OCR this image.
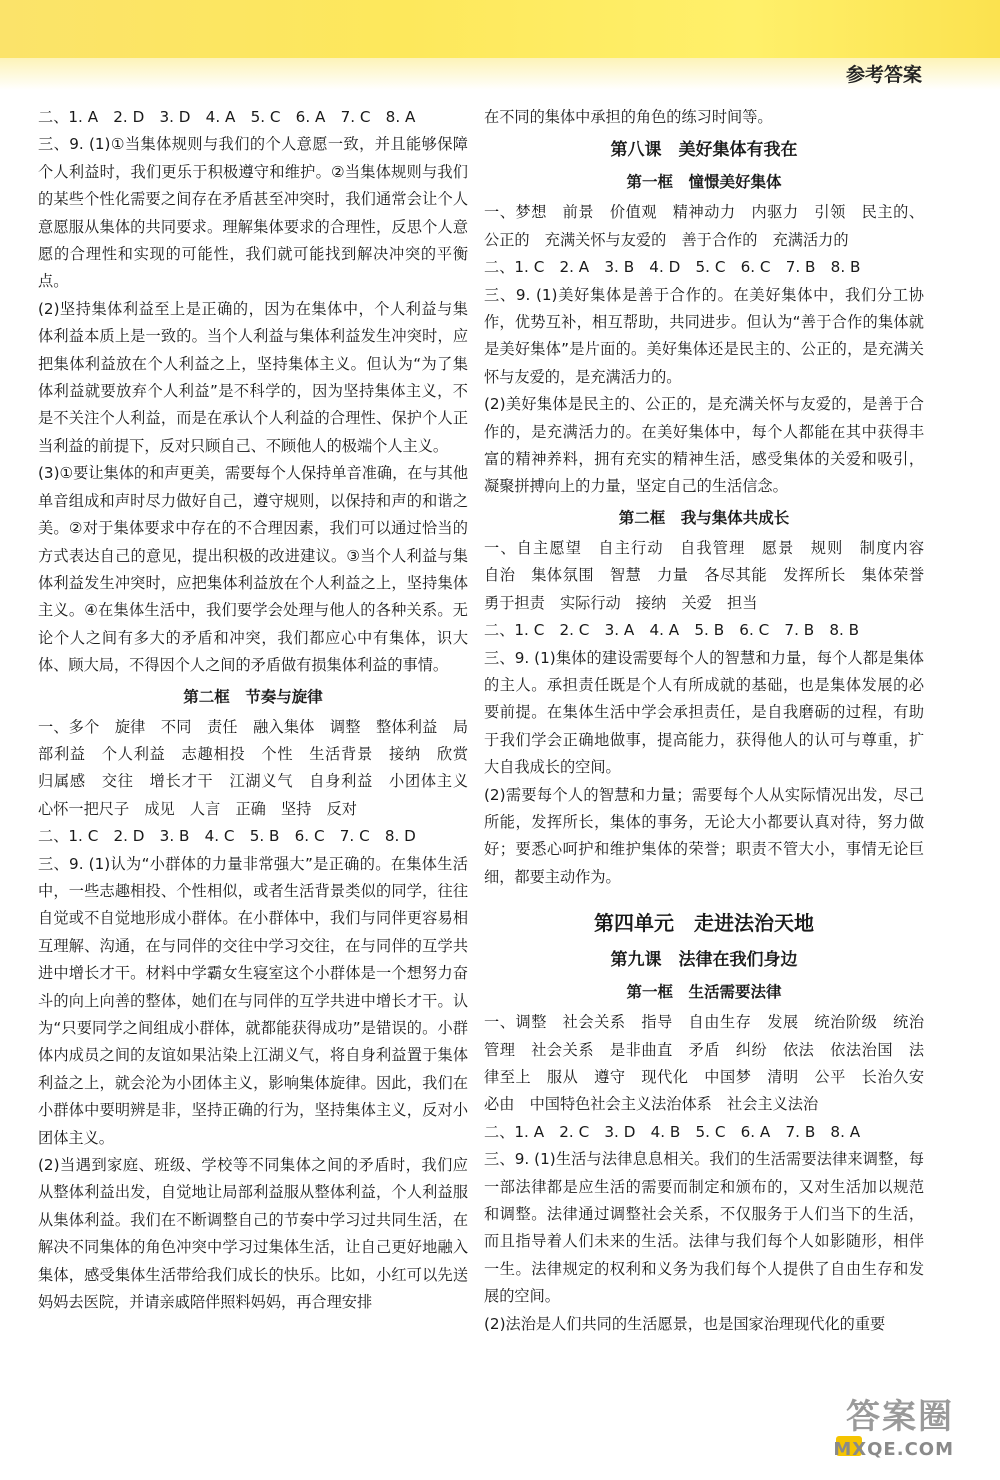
参考答案

二、1. A　2. D　3. D　4. A　5. C　6. A　7. C　8. A

三、9. (1)①当集体规则与我们的个人意愿一致，并且能够保障个人利益时，我们更乐于积极遵守和维护。②当集体规则与我们的某些个性化需要之间存在矛盾甚至冲突时，我们通常会让个人意愿服从集体的共同要求。理解集体要求的合理性，反思个人意愿的合理性和实现的可能性，我们就可能找到解决冲突的平衡点。

(2)坚持集体利益至上是正确的，因为在集体中，个人利益与集体利益本质上是一致的。当个人利益与集体利益发生冲突时，应把集体利益放在个人利益之上，坚持集体主义。但认为“为了集体利益就要放弃个人利益”是不科学的，因为坚持集体主义，不是不关注个人利益，而是在承认个人利益的合理性、保护个人正当利益的前提下，反对只顾自己、不顾他人的极端个人主义。

(3)①要让集体的和声更美，需要每个人保持单音准确，在与其他单音组成和声时尽力做好自己，遵守规则，以保持和声的和谐之美。②对于集体要求中存在的不合理因素，我们可以通过恰当的方式表达自己的意见，提出积极的改进建议。③当个人利益与集体利益发生冲突时，应把集体利益放在个人利益之上，坚持集体主义。④在集体生活中，我们要学会处理与他人的各种关系。无论个人之间有多大的矛盾和冲突，我们都应心中有集体，识大体、顾大局，不得因个人之间的矛盾做有损集体利益的事情。

第二框　节奏与旋律

一、多个　旋律　不同　责任　融入集体　调整　整体利益　局部利益　个人利益　志趣相投　个性　生活背景　接纳　欣赏　归属感　交往　增长才干　江湖义气　自身利益　小团体主义　心怀一把尺子　成见　人言　正确　坚持　反对

二、1. C　2. D　3. B　4. C　5. B　6. C　7. C　8. D

三、9. (1)认为“小群体的力量非常强大”是正确的。在集体生活中，一些志趣相投、个性相似，或者生活背景类似的同学，往往自觉或不自觉地形成小群体。在小群体中，我们与同伴更容易相互理解、沟通，在与同伴的交往中学习交往，在与同伴的互学共进中增长才干。材料中学霸女生寝室这个小群体是一个想努力奋斗的向上向善的整体，她们在与同伴的互学共进中增长才干。认为“只要同学之间组成小群体，就都能获得成功”是错误的。小群体内成员之间的友谊如果沾染上江湖义气，将自身利益置于集体利益之上，就会沦为小团体主义，影响集体旋律。因此，我们在小群体中要明辨是非，坚持正确的行为，坚持集体主义，反对小团体主义。

(2)当遇到家庭、班级、学校等不同集体之间的矛盾时，我们应从整体利益出发，自觉地让局部利益服从整体利益，个人利益服从集体利益。我们在不断调整自己的节奏中学习过共同生活，在解决不同集体的角色冲突中学习过集体生活，让自己更好地融入集体，感受集体生活带给我们成长的快乐。比如，小红可以先送妈妈去医院，并请亲戚陪伴照料妈妈，再合理安排

在不同的集体中承担的角色的练习时间等。

第八课　美好集体有我在
第一框　憧憬美好集体

一、梦想　前景　价值观　精神动力　内驱力　引领　民主的、公正的　充满关怀与友爱的　善于合作的　充满活力的

二、1. C　2. A　3. B　4. D　5. C　6. C　7. B　8. B

三、9. (1)美好集体是善于合作的。在美好集体中，我们分工协作，优势互补，相互帮助，共同进步。但认为“善于合作的集体就是美好集体”是片面的。美好集体还是民主的、公正的，是充满关怀与友爱的，是充满活力的。

(2)美好集体是民主的、公正的，是充满关怀与友爱的，是善于合作的，是充满活力的。在美好集体中，每个人都能在其中获得丰富的精神养料，拥有充实的精神生活，感受集体的关爱和吸引，凝聚拼搏向上的力量，坚定自己的生活信念。

第二框　我与集体共成长

一、自主愿望　自主行动　自我管理　愿景　规则　制度内容　自治　集体氛围　智慧　力量　各尽其能　发挥所长　集体荣誉　勇于担责　实际行动　接纳　关爱　担当

二、1. C　2. C　3. A　4. A　5. B　6. C　7. B　8. B

三、9. (1)集体的建设需要每个人的智慧和力量，每个人都是集体的主人。承担责任既是个人有所成就的基础，也是集体发展的必要前提。在集体生活中学会承担责任，是自我磨砺的过程，有助于我们学会正确地做事，提高能力，获得他人的认可与尊重，扩大自我成长的空间。

(2)需要每个人的智慧和力量；需要每个人从实际情况出发，尽己所能，发挥所长，集体的事务，无论大小都要认真对待，努力做好；要悉心呵护和维护集体的荣誉；职责不管大小，事情无论巨细，都要主动作为。

第四单元　走进法治天地
第九课　法律在我们身边
第一框　生活需要法律

一、调整　社会关系　指导　自由生存　发展　统治阶级　统治　管理　社会关系　是非曲直　矛盾　纠纷　依法　依法治国　法律至上　服从　遵守　现代化　中国梦　清明　公平　长治久安　必由　中国特色社会主义法治体系　社会主义法治

二、1. A　2. C　3. D　4. B　5. C　6. A　7. B　8. A

三、9. (1)生活与法律息息相关。我们的生活需要法律来调整，每一部法律都是应生活的需要而制定和颁布的，又对生活加以规范和调整。法律通过调整社会关系，不仅服务于人们当下的生活，而且指导着人们未来的生活。法律与我们每个人如影随形，相伴一生。法律规定的权利和义务为我们每个人提供了自由生存和发展的空间。

(2)法治是人们共同的生活愿景，也是国家治理现代化的重要

答案圈
MXQE.COM
